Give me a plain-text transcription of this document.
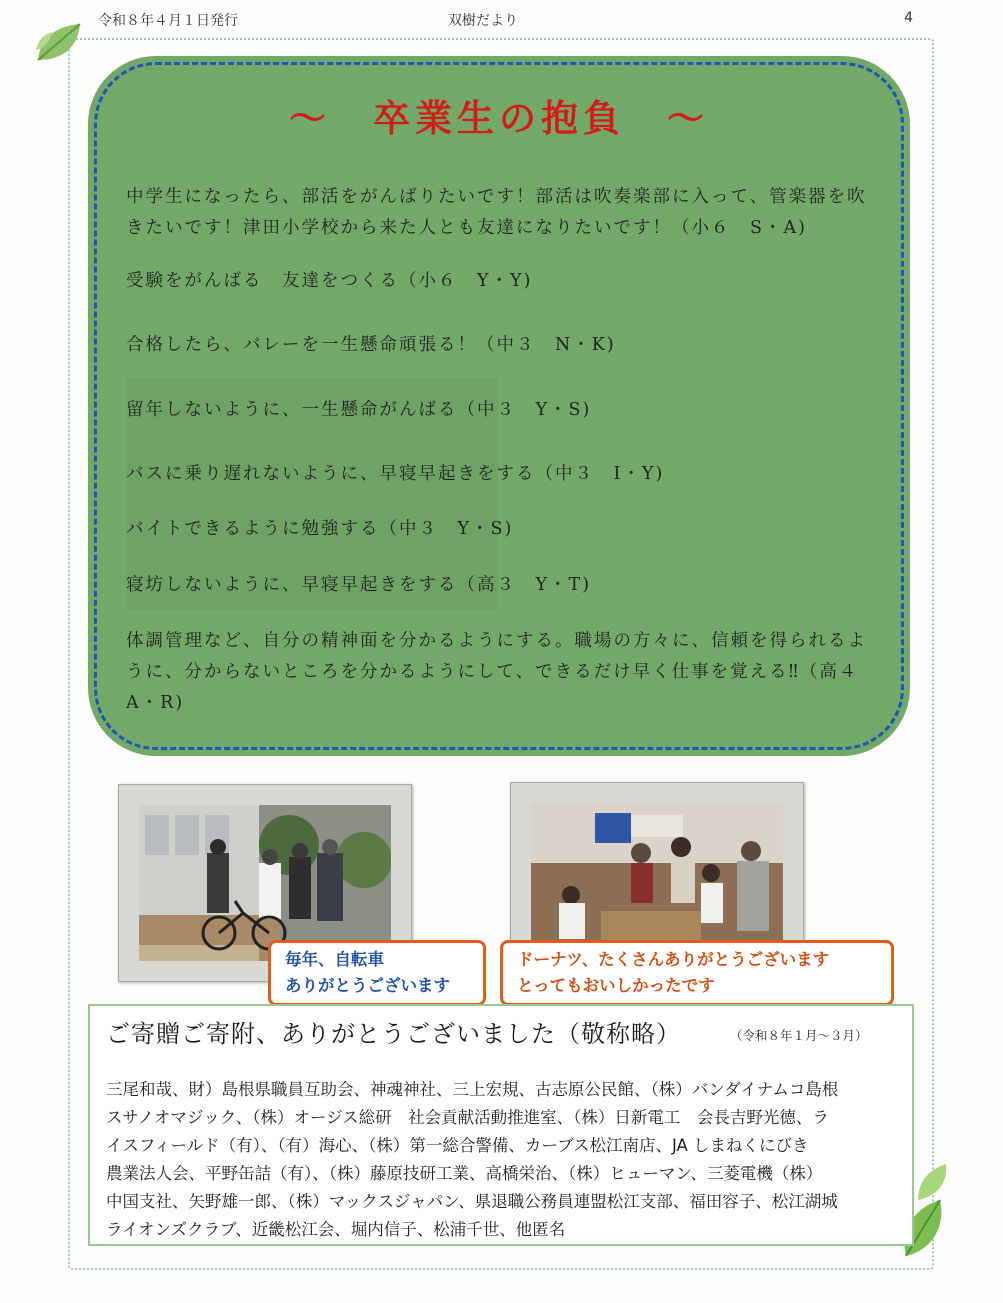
令和８年４月１日発行	双樹だより	4
〜　卒業生の抱負　〜
中学生になったら、部活をがんばりたいです！部活は吹奏楽部に入って、管楽器を吹きたいです！津田小学校から来た人とも友達になりたいです！（小６　S・A)
受験をがんばる　友達をつくる（小６　Y・Y)
合格したら、バレーを一生懸命頑張る！（中３　N・K)
留年しないように、一生懸命がんばる（中３　Y・S)
バスに乗り遅れないように、早寝早起きをする（中３　I・Y)
バイトできるように勉強する（中３　Y・S)
寝坊しないように、早寝早起きをする（高３　Y・T)
体調管理など、自分の精神面を分かるようにする。職場の方々に、信頼を得られるように、分からないところを分かるようにして、できるだけ早く仕事を覚える‼（高４　A・R)
毎年、自転車
ありがとうございます
ドーナツ、たくさんありがとうございます
とってもおいしかったです
ご寄贈ご寄附、ありがとうございました（敬称略）	（令和８年１月〜３月）
三尾和哉、財）島根県職員互助会、神魂神社、三上宏規、古志原公民館、（株）バンダイナムコ島根
スサノオマジック、（株）オージス総研　社会貢献活動推進室、（株）日新電工　会長吉野光德、ラ
イスフィールド（有）、（有）海心、（株）第一総合警備、カーブス松江南店、JA しまねくにびき
農業法人会、平野缶詰（有）、（株）藤原技研工業、高橋栄治、（株）ヒューマン、三菱電機（株）
中国支社、矢野雄一郎、（株）マックスジャパン、県退職公務員連盟松江支部、福田容子、松江湖城
ライオンズクラブ、近畿松江会、堀内信子、松浦千世、他匿名
